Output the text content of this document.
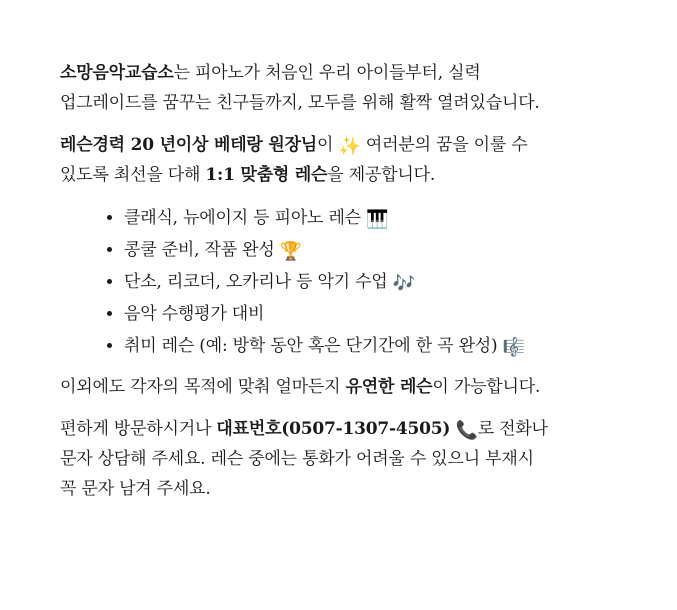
소망음악교습소는 피아노가 처음인 우리 아이들부터, 실력
업그레이드를 꿈꾸는 친구들까지, 모두를 위해 활짝 열려있습니다.

레슨경력 20 년이상 베테랑 원장님이 ✨ 여러분의 꿈을 이룰 수
있도록 최선을 다해 1:1 맞춤형 레슨을 제공합니다.

• 클래식, 뉴에이지 등 피아노 레슨 🎹
• 콩쿨 준비, 작품 완성 🏆
• 단소, 리코더, 오카리나 등 악기 수업 🎶
• 음악 수행평가 대비
• 취미 레슨 (예: 방학 동안 혹은 단기간에 한 곡 완성) 🎼

이외에도 각자의 목적에 맞춰 얼마든지 유연한 레슨이 가능합니다.

편하게 방문하시거나 대표번호(0507-1307-4505) 📞로 전화나
문자 상담해 주세요. 레슨 중에는 통화가 어려울 수 있으니 부재시
꼭 문자 남겨 주세요.
